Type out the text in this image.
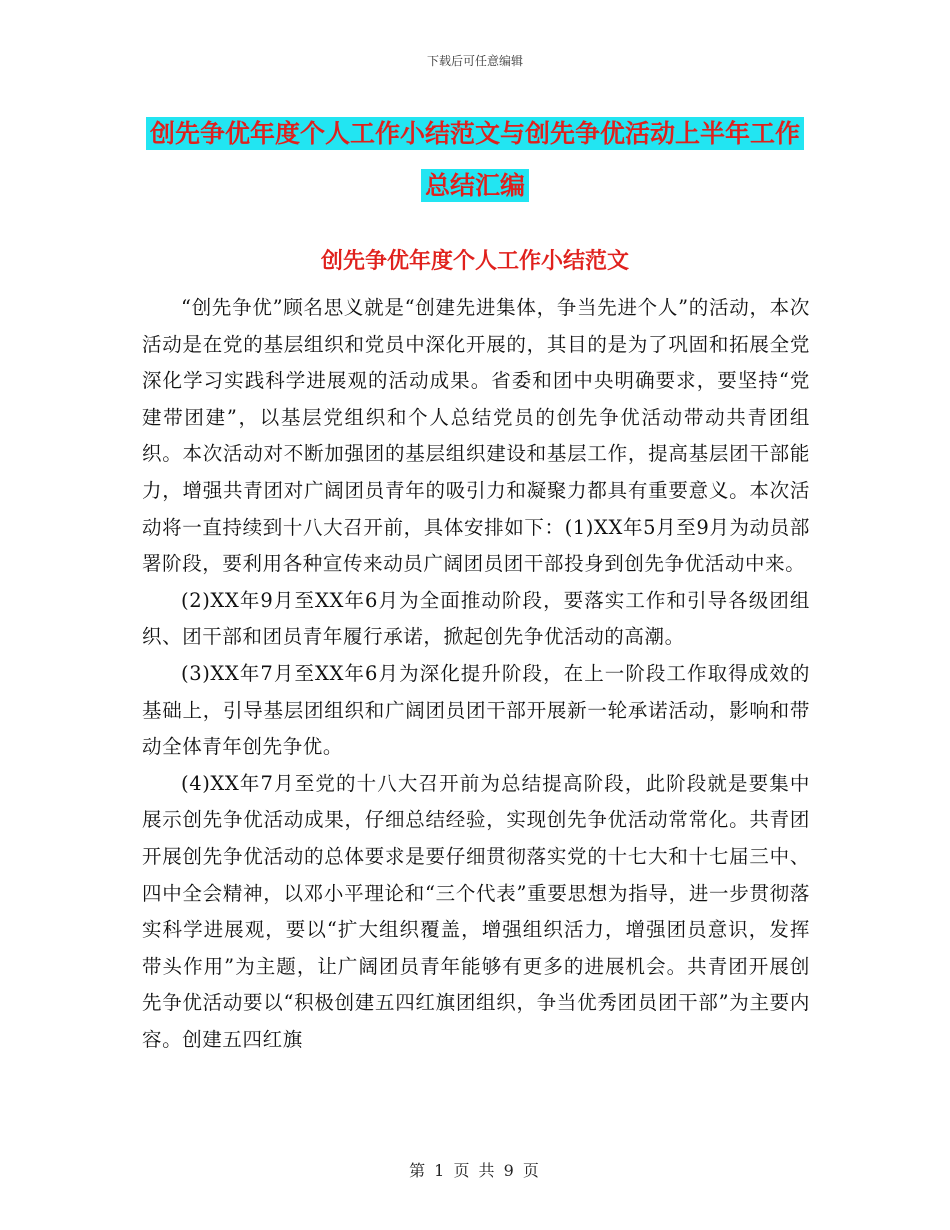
下载后可任意编辑
创先争优年度个人工作小结范文与创先争优活动上半年工作总结汇编
创先争优年度个人工作小结范文

“创先争优”顾名思义就是“创建先进集体，争当先进个人”的活动，本次活动是在党的基层组织和党员中深化开展的，其目的是为了巩固和拓展全党深化学习实践科学进展观的活动成果。省委和团中央明确要求，要坚持“党建带团建”，以基层党组织和个人总结党员的创先争优活动带动共青团组织。本次活动对不断加强团的基层组织建设和基层工作，提高基层团干部能力，增强共青团对广阔团员青年的吸引力和凝聚力都具有重要意义。本次活动将一直持续到十八大召开前，具体安排如下：(1)XX年5月至9月为动员部署阶段，要利用各种宣传来动员广阔团员团干部投身到创先争优活动中来。

(2)XX年9月至XX年6月为全面推动阶段，要落实工作和引导各级团组织、团干部和团员青年履行承诺，掀起创先争优活动的高潮。

(3)XX年7月至XX年6月为深化提升阶段，在上一阶段工作取得成效的基础上，引导基层团组织和广阔团员团干部开展新一轮承诺活动，影响和带动全体青年创先争优。

(4)XX年7月至党的十八大召开前为总结提高阶段，此阶段就是要集中展示创先争优活动成果，仔细总结经验，实现创先争优活动常常化。共青团开展创先争优活动的总体要求是要仔细贯彻落实党的十七大和十七届三中、四中全会精神，以邓小平理论和“三个代表”重要思想为指导，进一步贯彻落实科学进展观，要以“扩大组织覆盖，增强组织活力，增强团员意识，发挥带头作用”为主题，让广阔团员青年能够有更多的进展机会。共青团开展创先争优活动要以“积极创建五四红旗团组织，争当优秀团员团干部”为主要内容。创建五四红旗

第 1 页 共 9 页
